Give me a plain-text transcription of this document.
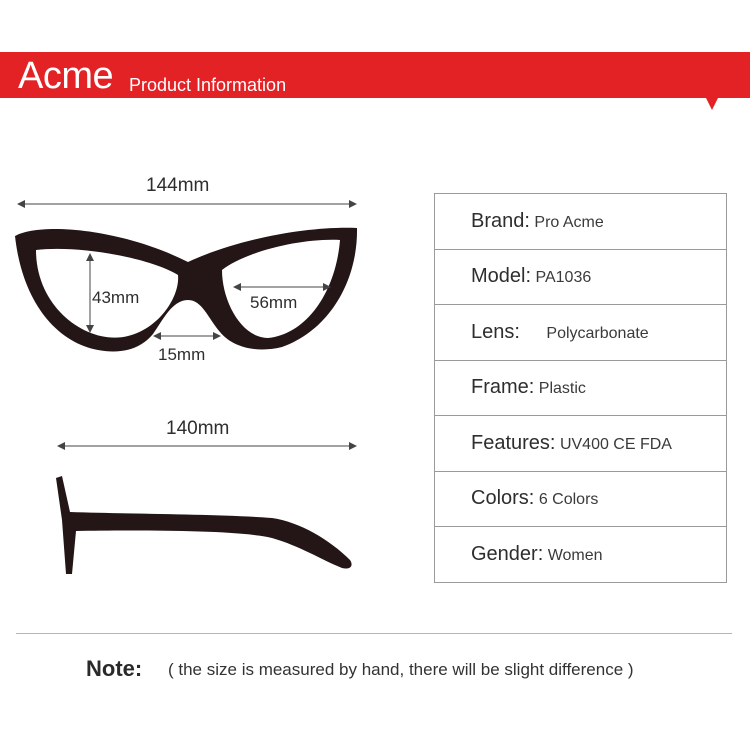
Acme Product Information
144mm
43mm	56mm
15mm
140mm
Brand: Pro Acme
Model: PA1036
Lens: Polycarbonate
Frame: Plastic
Features: UV400 CE FDA
Colors: 6 Colors
Gender: Women
Note: ( the size is measured by hand, there will be slight difference )
